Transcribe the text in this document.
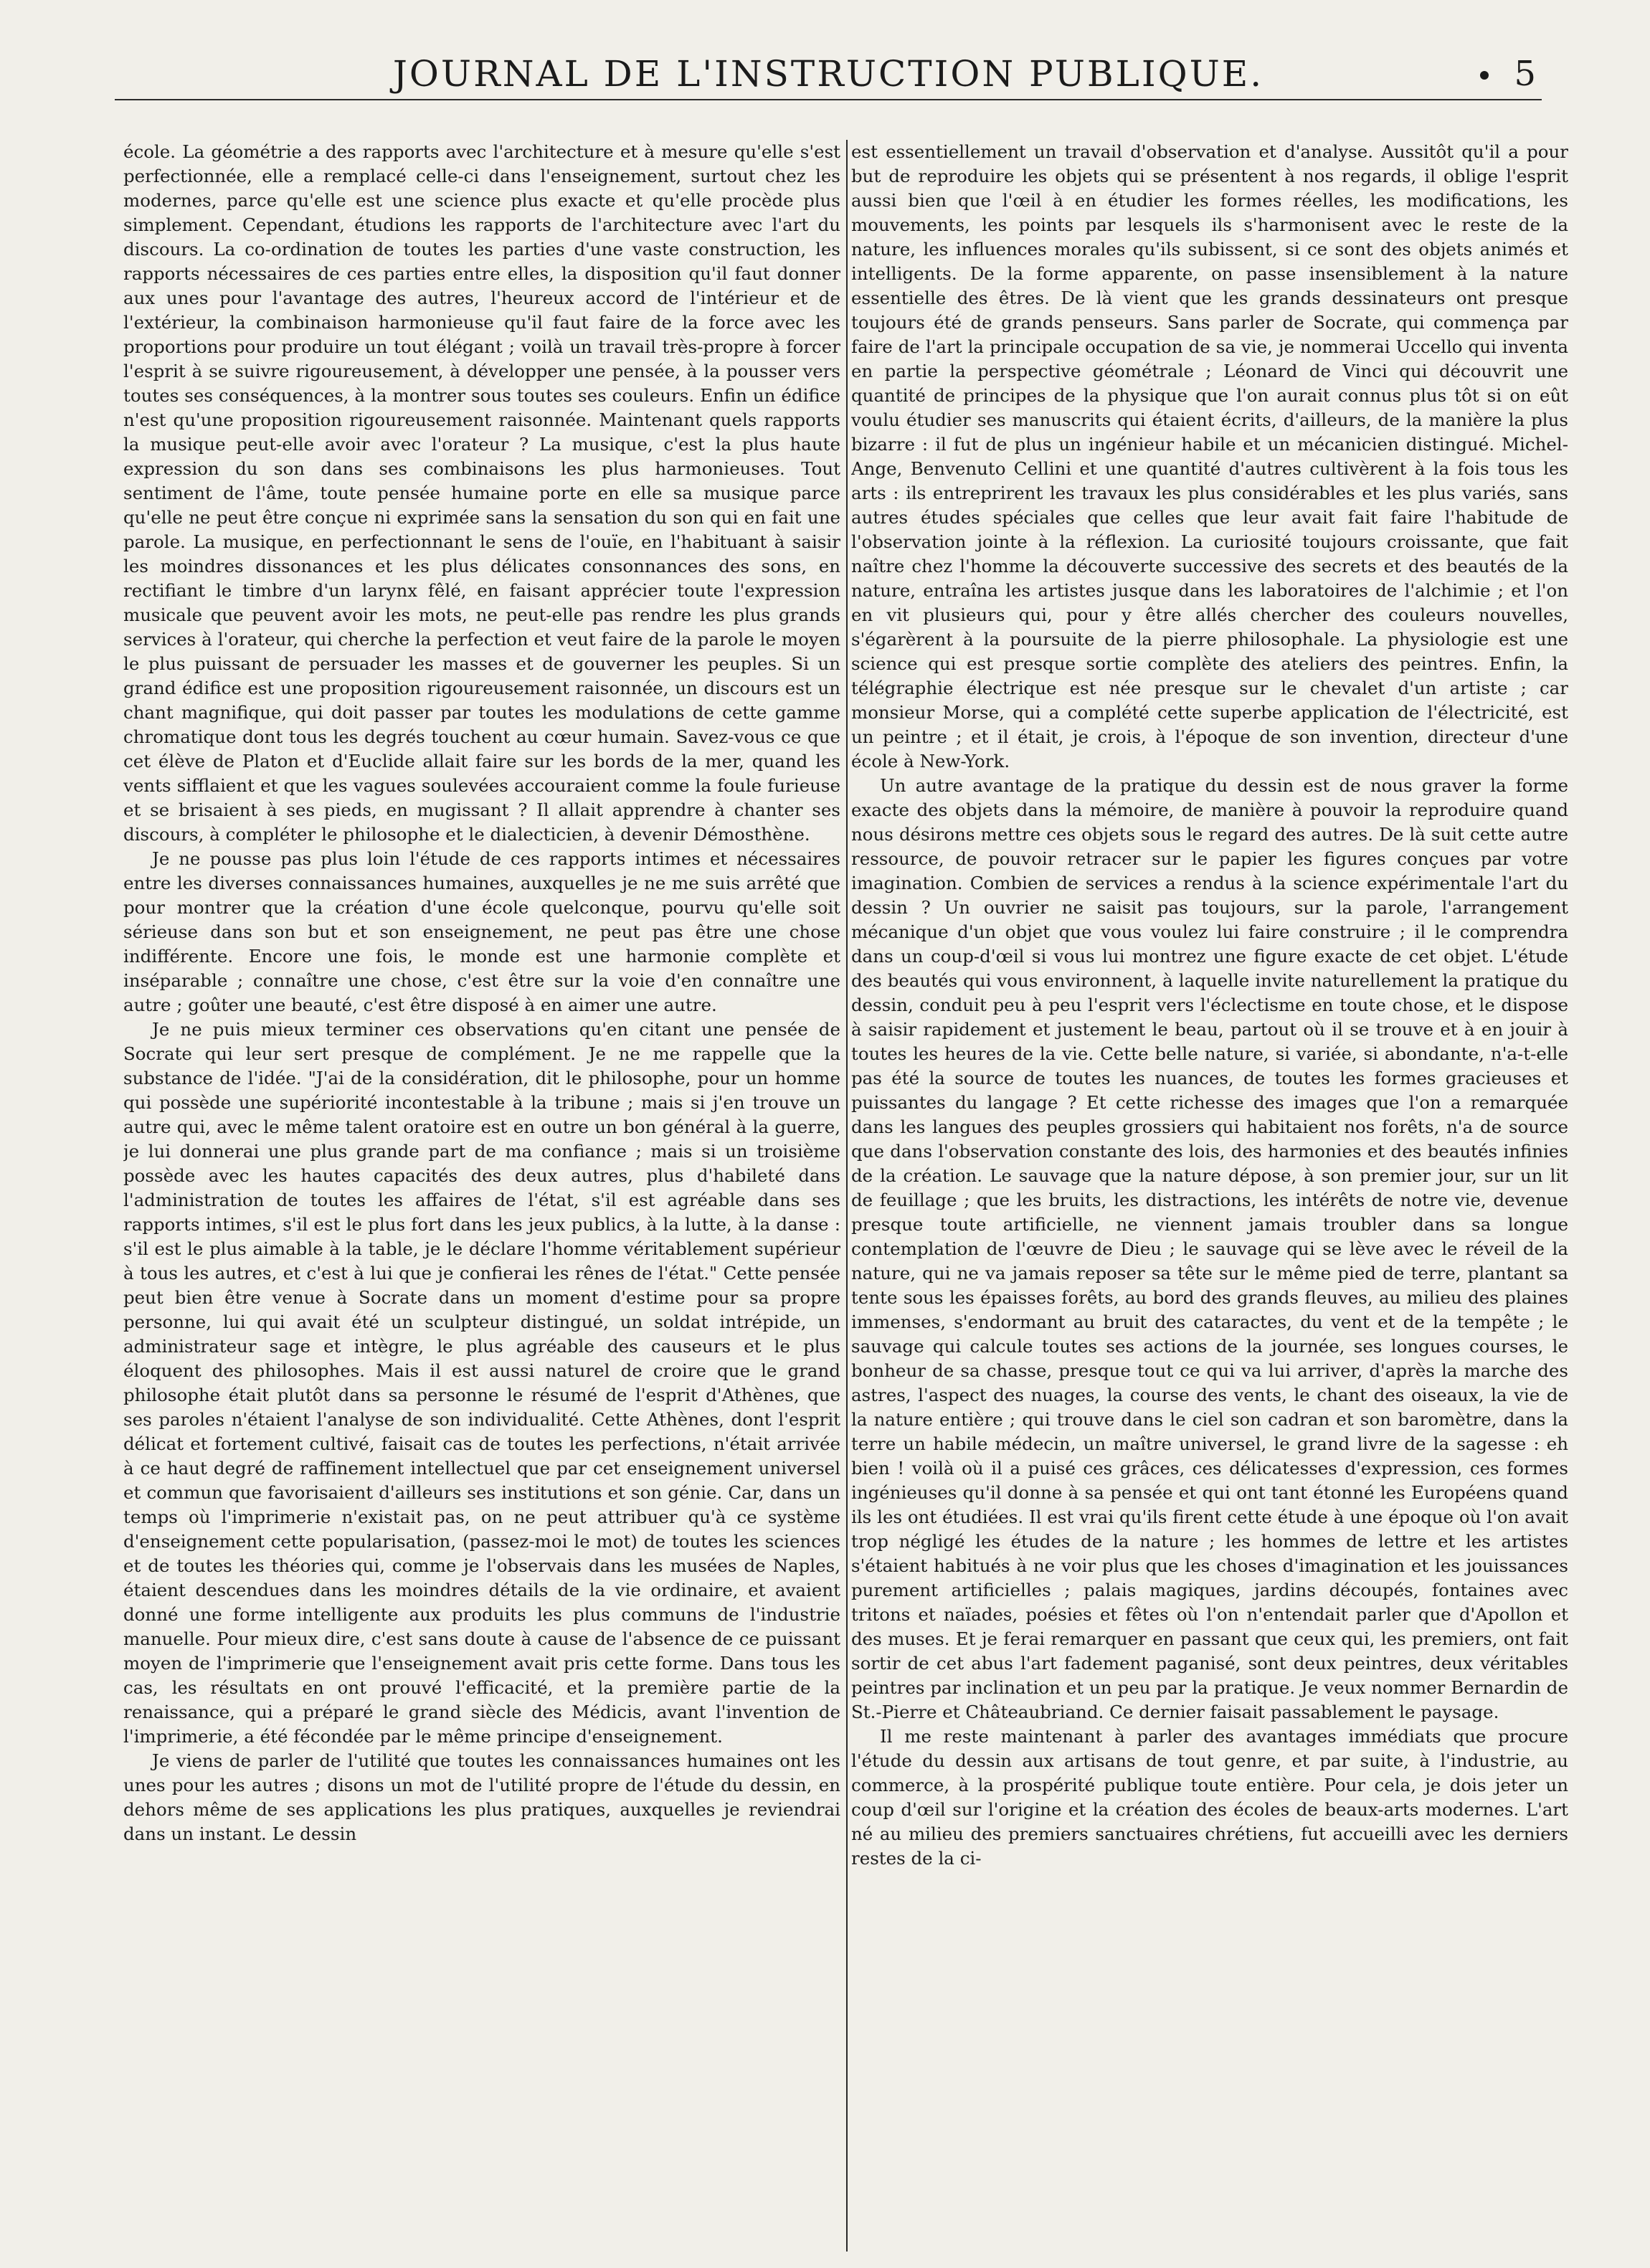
JOURNAL DE L'INSTRUCTION PUBLIQUE.	5

école. La géométrie a des rapports avec l'architecture et à mesure qu'elle s'est perfectionnée, elle a remplacé celle-ci dans l'enseignement, surtout chez les modernes, parce qu'elle est une science plus exacte et qu'elle procède plus simplement. Cependant, étudions les rapports de l'architecture avec l'art du discours. La co-ordination de toutes les parties d'une vaste construction, les rapports nécessaires de ces parties entre elles, la disposition qu'il faut donner aux unes pour l'avantage des autres, l'heureux accord de l'intérieur et de l'extérieur, la combinaison harmonieuse qu'il faut faire de la force avec les proportions pour produire un tout élégant ; voilà un travail très-propre à forcer l'esprit à se suivre rigoureusement, à développer une pensée, à la pousser vers toutes ses conséquences, à la montrer sous toutes ses couleurs. Enfin un édifice n'est qu'une proposition rigoureusement raisonnée. Maintenant quels rapports la musique peut-elle avoir avec l'orateur ? La musique, c'est la plus haute expression du son dans ses combinaisons les plus harmonieuses. Tout sentiment de l'âme, toute pensée humaine porte en elle sa musique parce qu'elle ne peut être conçue ni exprimée sans la sensation du son qui en fait une parole. La musique, en perfectionnant le sens de l'ouïe, en l'habituant à saisir les moindres dissonances et les plus délicates consonnances des sons, en rectifiant le timbre d'un larynx fêlé, en faisant apprécier toute l'expression musicale que peuvent avoir les mots, ne peut-elle pas rendre les plus grands services à l'orateur, qui cherche la perfection et veut faire de la parole le moyen le plus puissant de persuader les masses et de gouverner les peuples. Si un grand édifice est une proposition rigoureusement raisonnée, un discours est un chant magnifique, qui doit passer par toutes les modulations de cette gamme chromatique dont tous les degrés touchent au cœur humain. Savez-vous ce que cet élève de Platon et d'Euclide allait faire sur les bords de la mer, quand les vents sifflaient et que les vagues soulevées accouraient comme la foule furieuse et se brisaient à ses pieds, en mugissant ? Il allait apprendre à chanter ses discours, à compléter le philosophe et le dialecticien, à devenir Démosthène.

Je ne pousse pas plus loin l'étude de ces rapports intimes et nécessaires entre les diverses connaissances humaines, auxquelles je ne me suis arrêté que pour montrer que la création d'une école quelconque, pourvu qu'elle soit sérieuse dans son but et son enseignement, ne peut pas être une chose indifférente. Encore une fois, le monde est une harmonie complète et inséparable ; connaître une chose, c'est être sur la voie d'en connaître une autre ; goûter une beauté, c'est être disposé à en aimer une autre.

Je ne puis mieux terminer ces observations qu'en citant une pensée de Socrate qui leur sert presque de complément. Je ne me rappelle que la substance de l'idée. "J'ai de la considération, dit le philosophe, pour un homme qui possède une supériorité incontestable à la tribune ; mais si j'en trouve un autre qui, avec le même talent oratoire est en outre un bon général à la guerre, je lui donnerai une plus grande part de ma confiance ; mais si un troisième possède avec les hautes capacités des deux autres, plus d'habileté dans l'administration de toutes les affaires de l'état, s'il est agréable dans ses rapports intimes, s'il est le plus fort dans les jeux publics, à la lutte, à la danse : s'il est le plus aimable à la table, je le déclare l'homme véritablement supérieur à tous les autres, et c'est à lui que je confierai les rênes de l'état." Cette pensée peut bien être venue à Socrate dans un moment d'estime pour sa propre personne, lui qui avait été un sculpteur distingué, un soldat intrépide, un administrateur sage et intègre, le plus agréable des causeurs et le plus éloquent des philosophes. Mais il est aussi naturel de croire que le grand philosophe était plutôt dans sa personne le résumé de l'esprit d'Athènes, que ses paroles n'étaient l'analyse de son individualité. Cette Athènes, dont l'esprit délicat et fortement cultivé, faisait cas de toutes les perfections, n'était arrivée à ce haut degré de raffinement intellectuel que par cet enseignement universel et commun que favorisaient d'ailleurs ses institutions et son génie. Car, dans un temps où l'imprimerie n'existait pas, on ne peut attribuer qu'à ce système d'enseignement cette popularisation, (passez-moi le mot) de toutes les sciences et de toutes les théories qui, comme je l'observais dans les musées de Naples, étaient descendues dans les moindres détails de la vie ordinaire, et avaient donné une forme intelligente aux produits les plus communs de l'industrie manuelle. Pour mieux dire, c'est sans doute à cause de l'absence de ce puissant moyen de l'imprimerie que l'enseignement avait pris cette forme. Dans tous les cas, les résultats en ont prouvé l'efficacité, et la première partie de la renaissance, qui a préparé le grand siècle des Médicis, avant l'invention de l'imprimerie, a été fécondée par le même principe d'enseignement.

Je viens de parler de l'utilité que toutes les connaissances humaines ont les unes pour les autres ; disons un mot de l'utilité propre de l'étude du dessin, en dehors même de ses applications les plus pratiques, auxquelles je reviendrai dans un instant. Le dessin

est essentiellement un travail d'observation et d'analyse. Aussitôt qu'il a pour but de reproduire les objets qui se présentent à nos regards, il oblige l'esprit aussi bien que l'œil à en étudier les formes réelles, les modifications, les mouvements, les points par lesquels ils s'harmonisent avec le reste de la nature, les influences morales qu'ils subissent, si ce sont des objets animés et intelligents. De la forme apparente, on passe insensiblement à la nature essentielle des êtres. De là vient que les grands dessinateurs ont presque toujours été de grands penseurs. Sans parler de Socrate, qui commença par faire de l'art la principale occupation de sa vie, je nommerai Uccello qui inventa en partie la perspective géométrale ; Léonard de Vinci qui découvrit une quantité de principes de la physique que l'on aurait connus plus tôt si on eût voulu étudier ses manuscrits qui étaient écrits, d'ailleurs, de la manière la plus bizarre : il fut de plus un ingénieur habile et un mécanicien distingué. Michel-Ange, Benvenuto Cellini et une quantité d'autres cultivèrent à la fois tous les arts : ils entreprirent les travaux les plus considérables et les plus variés, sans autres études spéciales que celles que leur avait fait faire l'habitude de l'observation jointe à la réflexion. La curiosité toujours croissante, que fait naître chez l'homme la découverte successive des secrets et des beautés de la nature, entraîna les artistes jusque dans les laboratoires de l'alchimie ; et l'on en vit plusieurs qui, pour y être allés chercher des couleurs nouvelles, s'égarèrent à la poursuite de la pierre philosophale. La physiologie est une science qui est presque sortie complète des ateliers des peintres. Enfin, la télégraphie électrique est née presque sur le chevalet d'un artiste ; car monsieur Morse, qui a complété cette superbe application de l'électricité, est un peintre ; et il était, je crois, à l'époque de son invention, directeur d'une école à New-York.

Un autre avantage de la pratique du dessin est de nous graver la forme exacte des objets dans la mémoire, de manière à pouvoir la reproduire quand nous désirons mettre ces objets sous le regard des autres. De là suit cette autre ressource, de pouvoir retracer sur le papier les figures conçues par votre imagination. Combien de services a rendus à la science expérimentale l'art du dessin ? Un ouvrier ne saisit pas toujours, sur la parole, l'arrangement mécanique d'un objet que vous voulez lui faire construire ; il le comprendra dans un coup-d'œil si vous lui montrez une figure exacte de cet objet. L'étude des beautés qui vous environnent, à laquelle invite naturellement la pratique du dessin, conduit peu à peu l'esprit vers l'éclectisme en toute chose, et le dispose à saisir rapidement et justement le beau, partout où il se trouve et à en jouir à toutes les heures de la vie. Cette belle nature, si variée, si abondante, n'a-t-elle pas été la source de toutes les nuances, de toutes les formes gracieuses et puissantes du langage ? Et cette richesse des images que l'on a remarquée dans les langues des peuples grossiers qui habitaient nos forêts, n'a de source que dans l'observation constante des lois, des harmonies et des beautés infinies de la création. Le sauvage que la nature dépose, à son premier jour, sur un lit de feuillage ; que les bruits, les distractions, les intérêts de notre vie, devenue presque toute artificielle, ne viennent jamais troubler dans sa longue contemplation de l'œuvre de Dieu ; le sauvage qui se lève avec le réveil de la nature, qui ne va jamais reposer sa tête sur le même pied de terre, plantant sa tente sous les épaisses forêts, au bord des grands fleuves, au milieu des plaines immenses, s'endormant au bruit des cataractes, du vent et de la tempête ; le sauvage qui calcule toutes ses actions de la journée, ses longues courses, le bonheur de sa chasse, presque tout ce qui va lui arriver, d'après la marche des astres, l'aspect des nuages, la course des vents, le chant des oiseaux, la vie de la nature entière ; qui trouve dans le ciel son cadran et son baromètre, dans la terre un habile médecin, un maître universel, le grand livre de la sagesse : eh bien ! voilà où il a puisé ces grâces, ces délicatesses d'expression, ces formes ingénieuses qu'il donne à sa pensée et qui ont tant étonné les Européens quand ils les ont étudiées. Il est vrai qu'ils firent cette étude à une époque où l'on avait trop négligé les études de la nature ; les hommes de lettre et les artistes s'étaient habitués à ne voir plus que les choses d'imagination et les jouissances purement artificielles ; palais magiques, jardins découpés, fontaines avec tritons et naïades, poésies et fêtes où l'on n'entendait parler que d'Apollon et des muses. Et je ferai remarquer en passant que ceux qui, les premiers, ont fait sortir de cet abus l'art fadement paganisé, sont deux peintres, deux véritables peintres par inclination et un peu par la pratique. Je veux nommer Bernardin de St.-Pierre et Châteaubriand. Ce dernier faisait passablement le paysage.

Il me reste maintenant à parler des avantages immédiats que procure l'étude du dessin aux artisans de tout genre, et par suite, à l'industrie, au commerce, à la prospérité publique toute entière. Pour cela, je dois jeter un coup d'œil sur l'origine et la création des écoles de beaux-arts modernes. L'art né au milieu des premiers sanctuaires chrétiens, fut accueilli avec les derniers restes de la ci-
